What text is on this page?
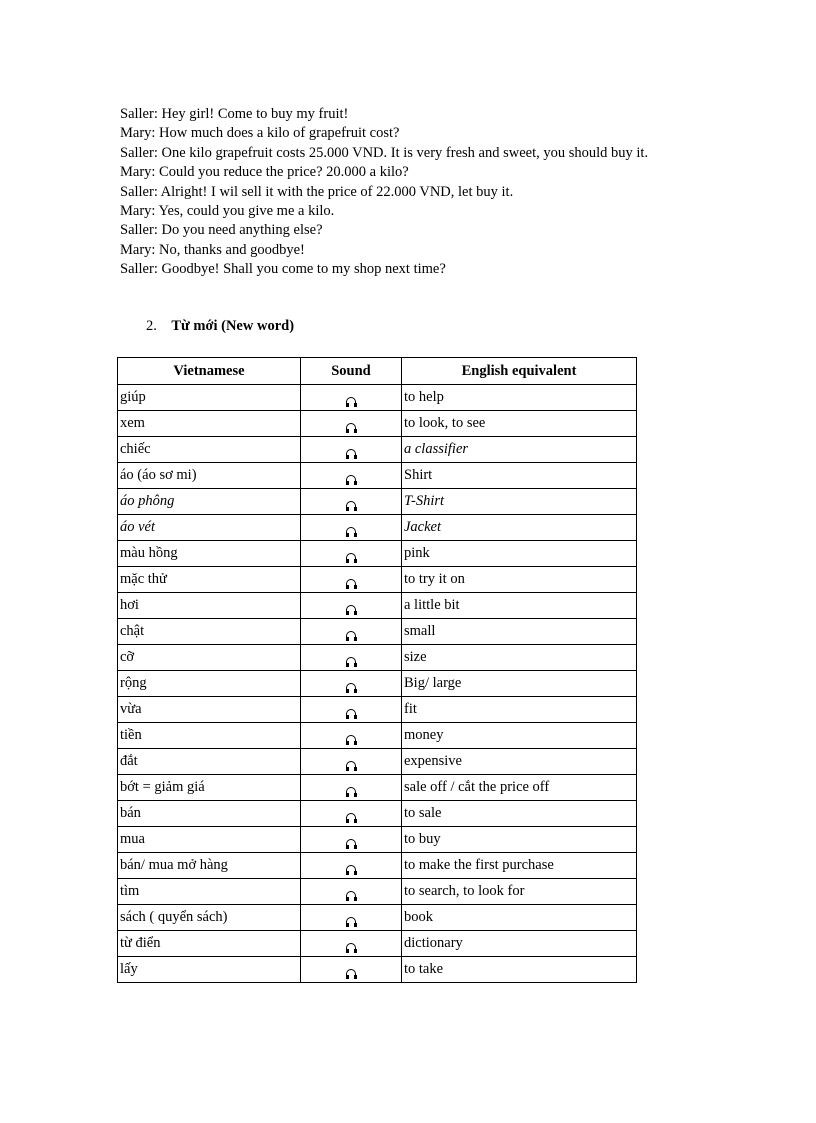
Saller: Hey girl! Come to buy my fruit!
Mary: How much does a kilo of grapefruit cost?
Saller: One kilo grapefruit costs 25.000 VND. It is very fresh and sweet, you should buy it.
Mary: Could you reduce the price? 20.000 a kilo?
Saller: Alright! I wil sell it with the price of 22.000 VND, let buy it.
Mary: Yes, could you give me a kilo.
Saller: Do you need anything else?
Mary: No, thanks and goodbye!
Saller: Goodbye! Shall you come to my shop next time?
2. Từ mới (New word)
Vietnamese	Sound	English equivalent
giúp		to help
xem		to look, to see
chiếc		a classifier
áo (áo sơ mi)		Shirt
áo phông		T-Shirt
áo vét		Jacket
màu hồng		pink
mặc thử		to try it on
hơi		a little bit
chật		small
cỡ		size
rộng		Big/ large
vừa		fit
tiền		money
đắt		expensive
bớt = giảm giá		sale off / cắt the price off
bán		to sale
mua		to buy
bán/ mua mở hàng		to make the first purchase
tìm		to search, to look for
sách ( quyển sách)		book
từ điển		dictionary
lấy		to take
